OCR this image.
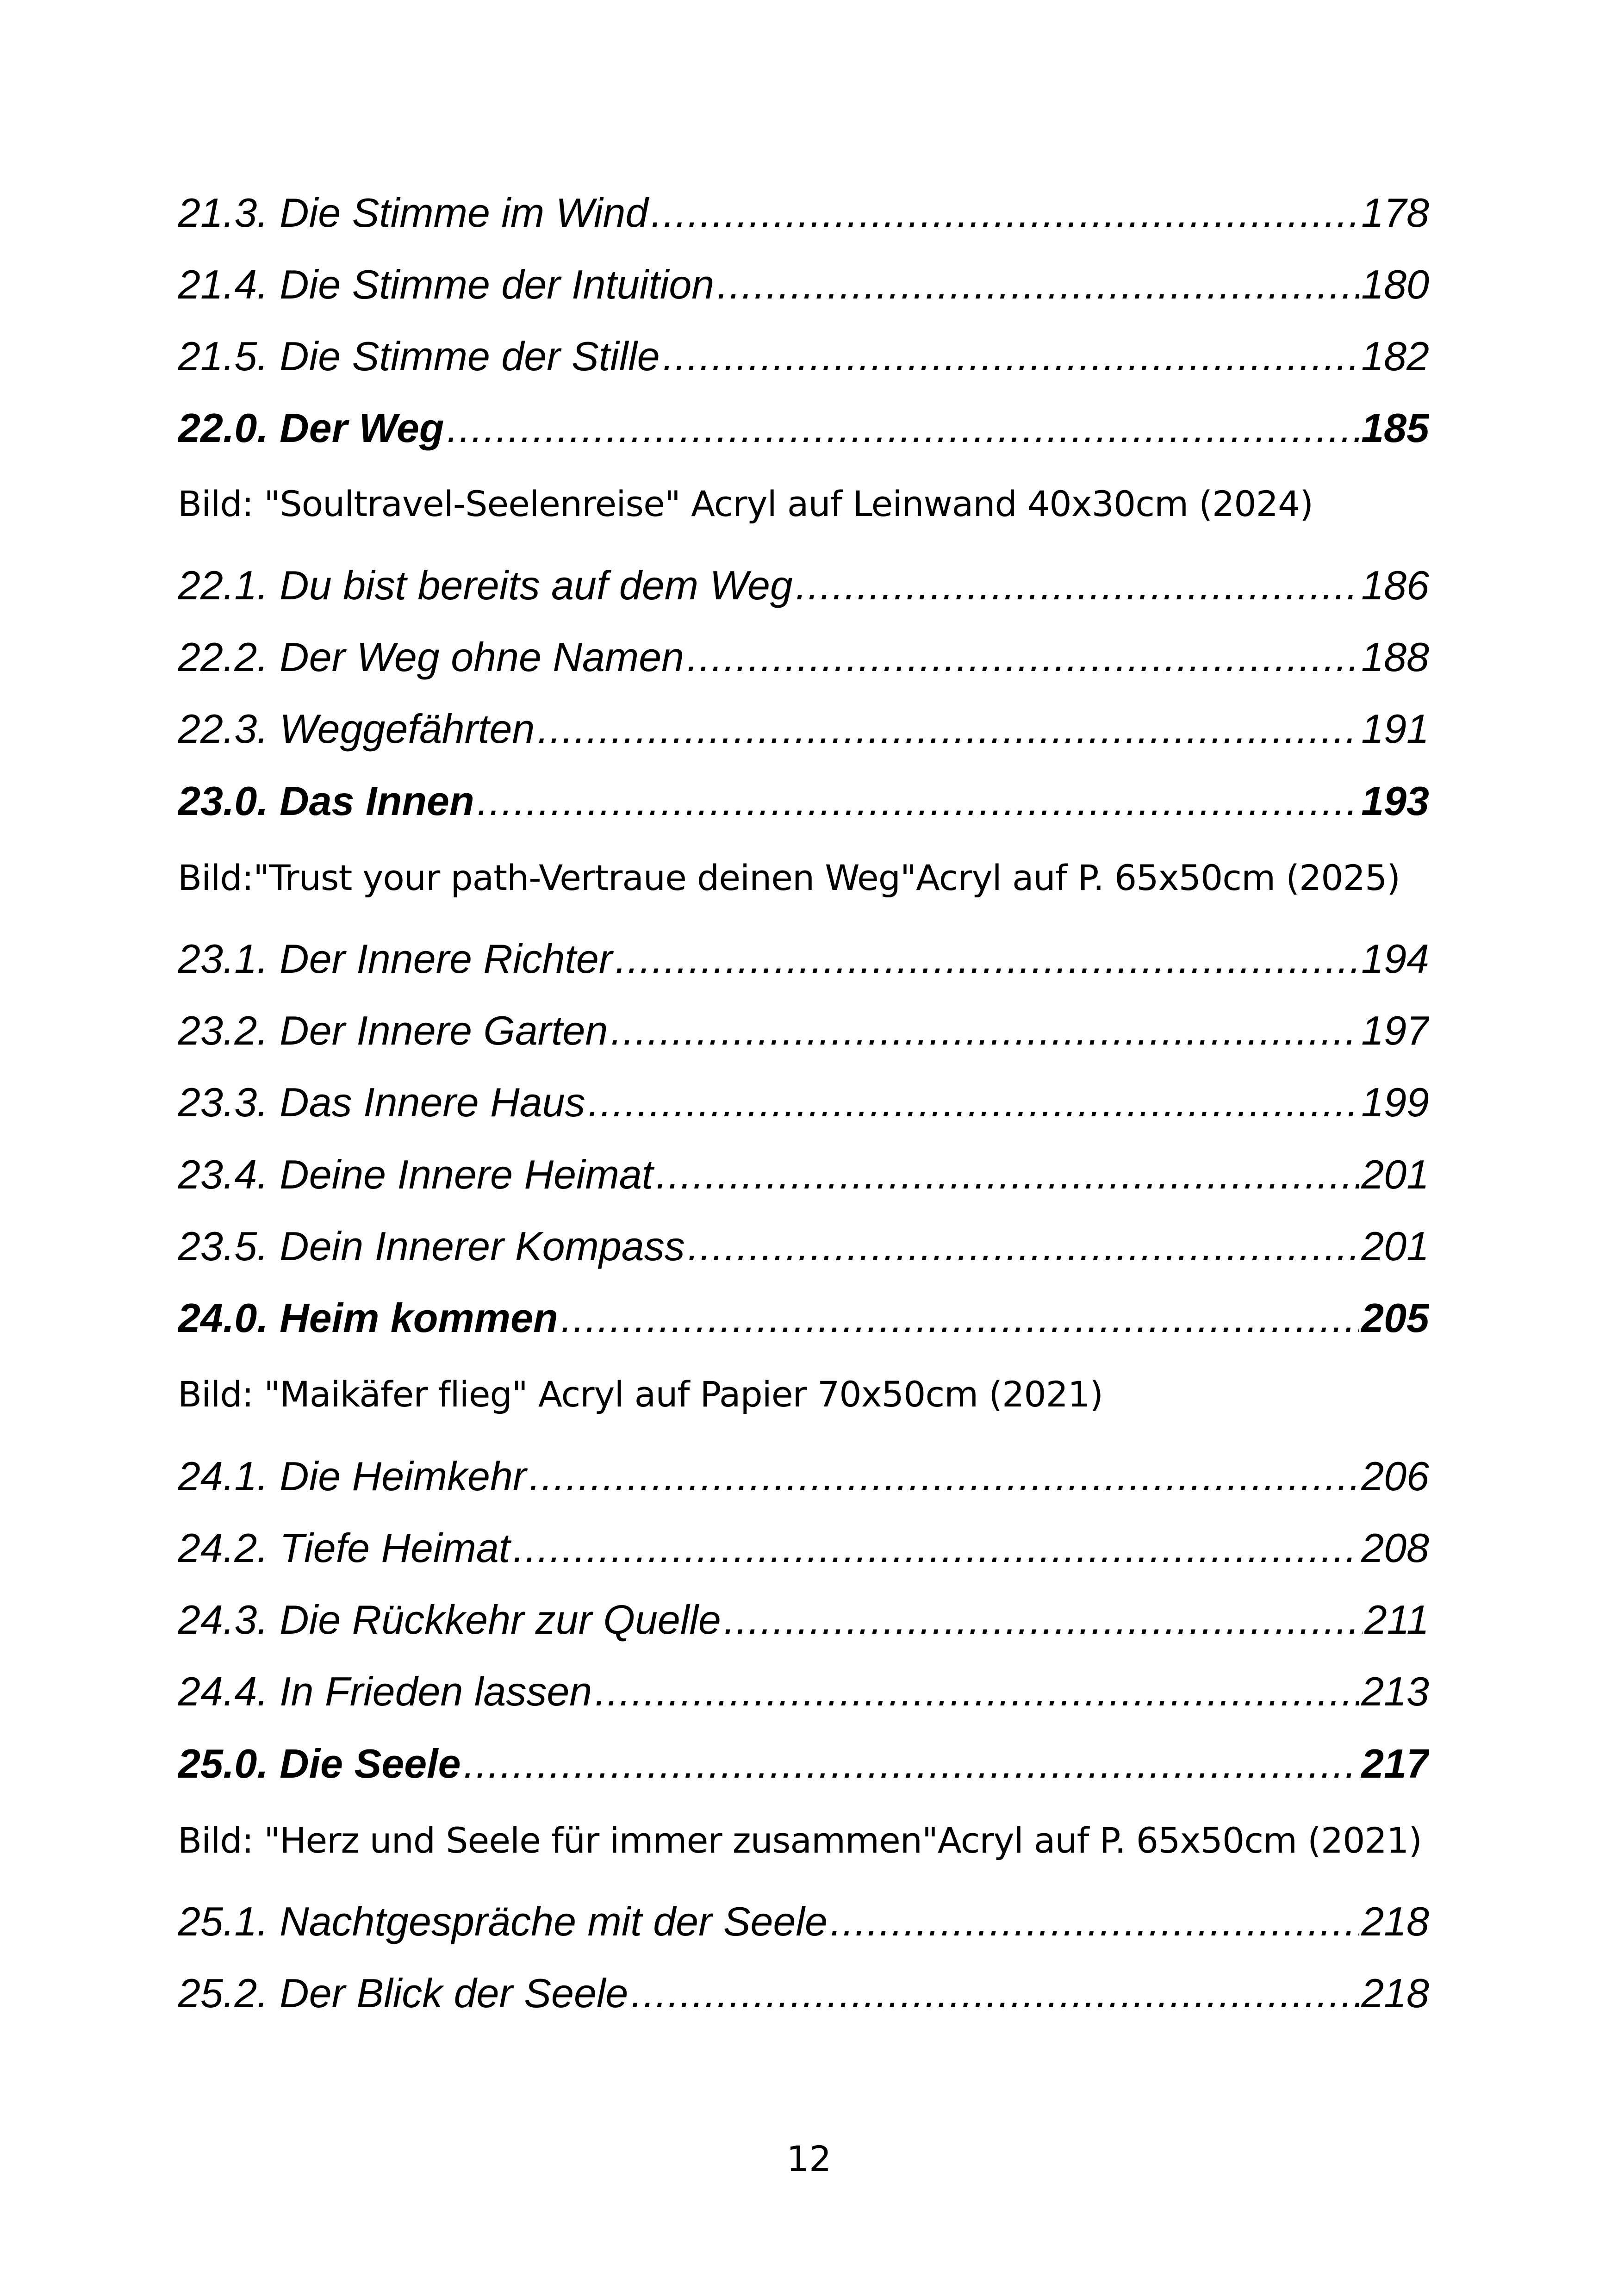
21.3. Die Stimme im Wind .....	178
21.4. Die Stimme der Intuition .....	180
21.5. Die Stimme der Stille .....	182
22.0. Der Weg .....	185
Bild: "Soultravel-Seelenreise" Acryl auf Leinwand 40x30cm (2024)
22.1. Du bist bereits auf dem Weg .....	186
22.2. Der Weg ohne Namen .....	188
22.3. Weggefährten .....	191
23.0. Das Innen .....	193
Bild:"Trust your path-Vertraue deinen Weg"Acryl auf P. 65x50cm (2025)
23.1. Der Innere Richter .....	194
23.2. Der Innere Garten .....	197
23.3. Das Innere Haus .....	199
23.4. Deine Innere Heimat .....	201
23.5. Dein Innerer Kompass .....	201
24.0. Heim kommen .....	205
Bild: "Maikäfer flieg" Acryl auf Papier 70x50cm (2021)
24.1. Die Heimkehr .....	206
24.2. Tiefe Heimat .....	208
24.3. Die Rückkehr zur Quelle .....	211
24.4. In Frieden lassen .....	213
25.0. Die Seele .....	217
Bild: "Herz und Seele für immer zusammen"Acryl auf P. 65x50cm (2021)
25.1. Nachtgespräche mit der Seele .....	218
25.2. Der Blick der Seele .....	218
12
